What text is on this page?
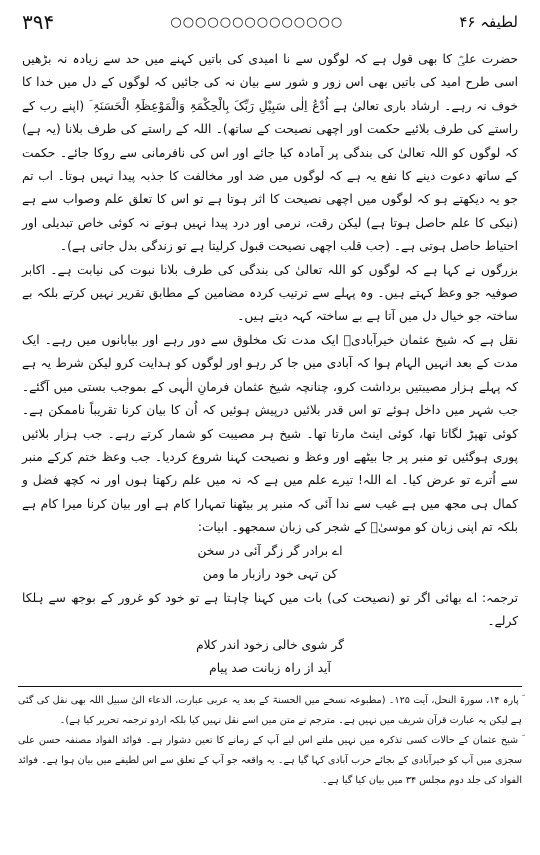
۳۹۴	○○○○○○○○○○○○○○	لطیفہ ۴۶

حضرت علیؓ کا بھی قول ہے کہ لوگوں سے نا امیدی کی باتیں کہنے میں حد سے زیادہ نہ بڑھیں اسی طرح امید کی باتیں بھی اس زور و شور سے بیان نہ کی جائیں کہ لوگوں کے دل میں خدا کا خوف نہ رہے۔ ارشاد باری تعالیٰ ہے اُدْعُ اِلٰی سَبِیْلِ رَبِّکَ بِالْحِکْمَۃِ وَالْمَوْعِظَۃِ الْحَسَنَۃِ ؔ (اپنے رب کے راستے کی طرف بلائیے حکمت اور اچھی نصیحت کے ساتھ)۔ اللہ کے راستے کی طرف بلانا (یہ ہے) کہ لوگوں کو اللہ تعالیٰ کی بندگی پر آمادہ کیا جائے اور اس کی نافرمانی سے روکا جائے۔ حکمت کے ساتھ دعوت دینے کا نفع یہ ہے کہ لوگوں میں ضد اور مخالفت کا جذبہ پیدا نہیں ہوتا۔ اب تم جو یہ دیکھتے ہو کہ لوگوں میں اچھی نصیحت کا اثر ہوتا ہے تو اس کا تعلق علم وصواب سے ہے (نیکی کا علم حاصل ہوتا ہے) لیکن رقت، نرمی اور درد پیدا نہیں ہوتے نہ کوئی خاص تبدیلی اور احتیاط حاصل ہوتی ہے۔ (جب قلب اچھی نصیحت قبول کرلیتا ہے تو زندگی بدل جاتی ہے)۔

بزرگوں نے کہا ہے کہ لوگوں کو اللہ تعالیٰ کی بندگی کی طرف بلانا نبوت کی نیابت ہے۔ اکابر صوفیہ جو وعظ کہتے ہیں۔ وہ پہلے سے ترتیب کردہ مضامین کے مطابق تقریر نہیں کرتے بلکہ بے ساختہ جو خیال دل میں آتا ہے بے ساختہ کہہ دیتے ہیں۔

نقل ہے کہ شیخ عثمان خیرآبادیؒ ایک مدت تک مخلوق سے دور رہے اور بیابانوں میں رہے۔ ایک مدت کے بعد انہیں الہام ہوا کہ آبادی میں جا کر رہو اور لوگوں کو ہدایت کرو لیکن شرط یہ ہے کہ پہلے ہزار مصیبتیں برداشت کرو، چنانچہ شیخ عثمان فرمانِ الٰہی کے بموجب بستی میں آگئے۔ جب شہر میں داخل ہوئے تو اس قدر بلائیں درپیش ہوئیں کہ اُن کا بیان کرنا تقریباً ناممکن ہے۔ کوئی تھپڑ لگاتا تھا، کوئی اینٹ مارتا تھا۔ شیخ ہر مصیبت کو شمار کرتے رہے۔ جب ہزار بلائیں پوری ہوگئیں تو منبر پر جا بیٹھے اور وعظ و نصیحت کہنا شروع کردیا۔ جب وعظ ختم کرکے منبر سے اُترے تو عرض کیا۔ اے اللہ! تیرے علم میں ہے کہ نہ میں علم رکھتا ہوں اور نہ کچھ فضل و کمال ہی مجھ میں ہے غیب سے ندا آئی کہ منبر پر بیٹھنا تمہارا کام ہے اور بیان کرنا میرا کام ہے بلکہ تم اپنی زبان کو موسیٰؑ کے شجر کی زبان سمجھو۔ ابیات:

اے برادر گر زگر آئی در سخن
کن تہی خود رازبار ما ومن

ترجمہ: اے بھائی اگر تو (نصیحت کی) بات میں کہنا چاہتا ہے تو خود کو غرور کے بوجھ سے ہلکا کرلے۔

گر شوی خالی زخود اندر کلام
آید از راہ زبانت صد پیام

ؔ پارہ ۱۴، سورۃ النحل، آیت ۱۲۵۔ (مطبوعہ نسخے میں الحسنۃ کے بعد یہ عربی عبارت، الدعاء الیٰ سبیل اللہ بھی نقل کی گئی ہے لیکن یہ عبارت قرآن شریف میں نہیں ہے۔ مترجم نے متن میں اسے نقل نہیں کیا بلکہ اردو ترجمہ تحریر کیا ہے)۔

ؔ شیخ عثمان کے حالات کسی تذکرہ میں نہیں ملتے اس لیے آپ کے زمانے کا تعین دشوار ہے۔ فوائد الفواد مصنفہ حسن علی سجزی میں آپ کو خیرآبادی کے بجائے حرب آبادی کہا گیا ہے۔ یہ واقعہ جو آپ کے تعلق سے اس لطیفے میں بیان ہوا ہے۔ فوائد الفواد کی جلد دوم مجلس ۳۴ میں بیان کیا گیا ہے۔
